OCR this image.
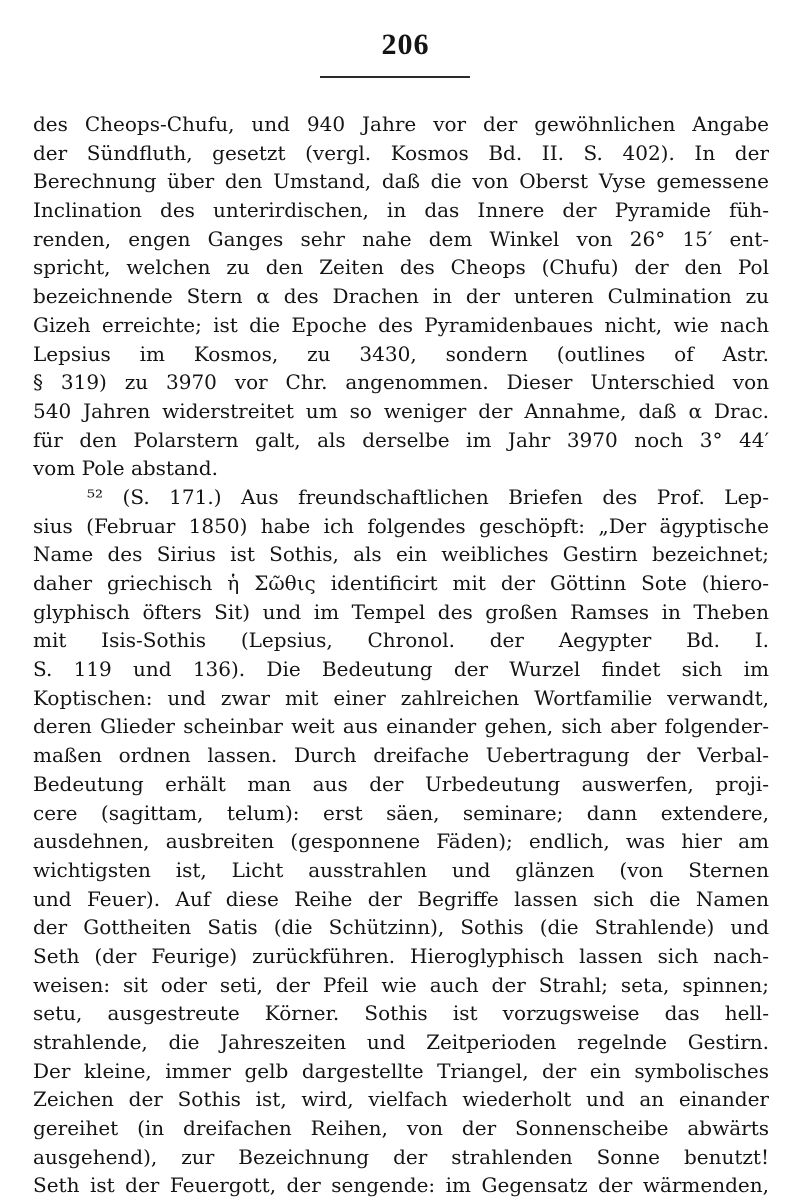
206
des Cheops-Chufu, und 940 Jahre vor der gewöhnlichen Angabe
der Sündfluth, gesetzt (vergl. Kosmos Bd. II. S. 402). In der
Berechnung über den Umstand, daß die von Oberst Vyse gemessene
Inclination des unterirdischen, in das Innere der Pyramide füh-
renden, engen Ganges sehr nahe dem Winkel von 26° 15′ ent-
spricht, welchen zu den Zeiten des Cheops (Chufu) der den Pol
bezeichnende Stern α des Drachen in der unteren Culmination zu
Gizeh erreichte; ist die Epoche des Pyramidenbaues nicht, wie nach
Lepsius im Kosmos, zu 3430, sondern (outlines of Astr.
§ 319) zu 3970 vor Chr. angenommen. Dieser Unterschied von
540 Jahren widerstreitet um so weniger der Annahme, daß α Drac.
für den Polarstern galt, als derselbe im Jahr 3970 noch 3° 44′
vom Pole abstand.
⁵² (S. 171.) Aus freundschaftlichen Briefen des Prof. Lep-
sius (Februar 1850) habe ich folgendes geschöpft: „Der ägyptische
Name des Sirius ist Sothis, als ein weibliches Gestirn bezeichnet;
daher griechisch ἡ Σῶθις identificirt mit der Göttinn Sote (hiero-
glyphisch öfters Sit) und im Tempel des großen Ramses in Theben
mit Isis-Sothis (Lepsius, Chronol. der Aegypter Bd. I.
S. 119 und 136). Die Bedeutung der Wurzel findet sich im
Koptischen: und zwar mit einer zahlreichen Wortfamilie verwandt,
deren Glieder scheinbar weit aus einander gehen, sich aber folgender-
maßen ordnen lassen. Durch dreifache Uebertragung der Verbal-
Bedeutung erhält man aus der Urbedeutung auswerfen, proji-
cere (sagittam, telum): erst säen, seminare; dann extendere,
ausdehnen, ausbreiten (gesponnene Fäden); endlich, was hier am
wichtigsten ist, Licht ausstrahlen und glänzen (von Sternen
und Feuer). Auf diese Reihe der Begriffe lassen sich die Namen
der Gottheiten Satis (die Schützinn), Sothis (die Strahlende) und
Seth (der Feurige) zurückführen. Hieroglyphisch lassen sich nach-
weisen: sit oder seti, der Pfeil wie auch der Strahl; seta, spinnen;
setu, ausgestreute Körner. Sothis ist vorzugsweise das hell-
strahlende, die Jahreszeiten und Zeitperioden regelnde Gestirn.
Der kleine, immer gelb dargestellte Triangel, der ein symbolisches
Zeichen der Sothis ist, wird, vielfach wiederholt und an einander
gereihet (in dreifachen Reihen, von der Sonnenscheibe abwärts
ausgehend), zur Bezeichnung der strahlenden Sonne benutzt!
Seth ist der Feuergott, der sengende: im Gegensatz der wärmenden,
